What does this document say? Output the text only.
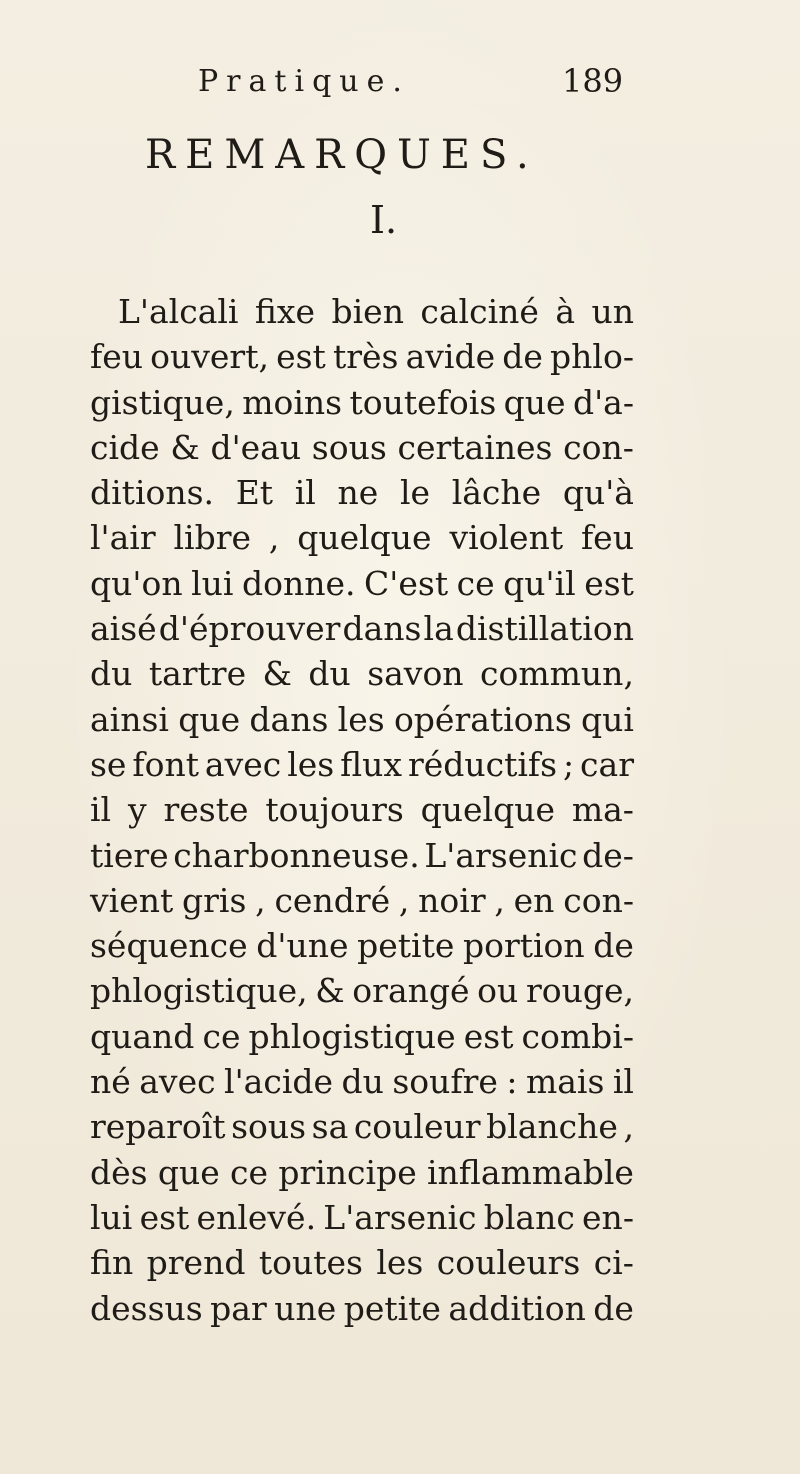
Pratique.	189
REMARQUES.
I.
L'alcali fixe bien calciné à un
feu ouvert, est très avide de phlo-
gistique, moins toutefois que d'a-
cide & d'eau sous certaines con-
ditions. Et il ne le lâche qu'à
l'air libre , quelque violent feu
qu'on lui donne. C'est ce qu'il est
aisé d'éprouver dans la distillation
du tartre & du savon commun,
ainsi que dans les opérations qui
se font avec les flux réductifs ; car
il y reste toujours quelque ma-
tiere charbonneuse. L'arsenic de-
vient gris , cendré , noir , en con-
séquence d'une petite portion de
phlogistique, & orangé ou rouge,
quand ce phlogistique est combi-
né avec l'acide du soufre : mais il
reparoît sous sa couleur blanche ,
dès que ce principe inflammable
lui est enlevé. L'arsenic blanc en-
fin prend toutes les couleurs ci-
dessus par une petite addition de
